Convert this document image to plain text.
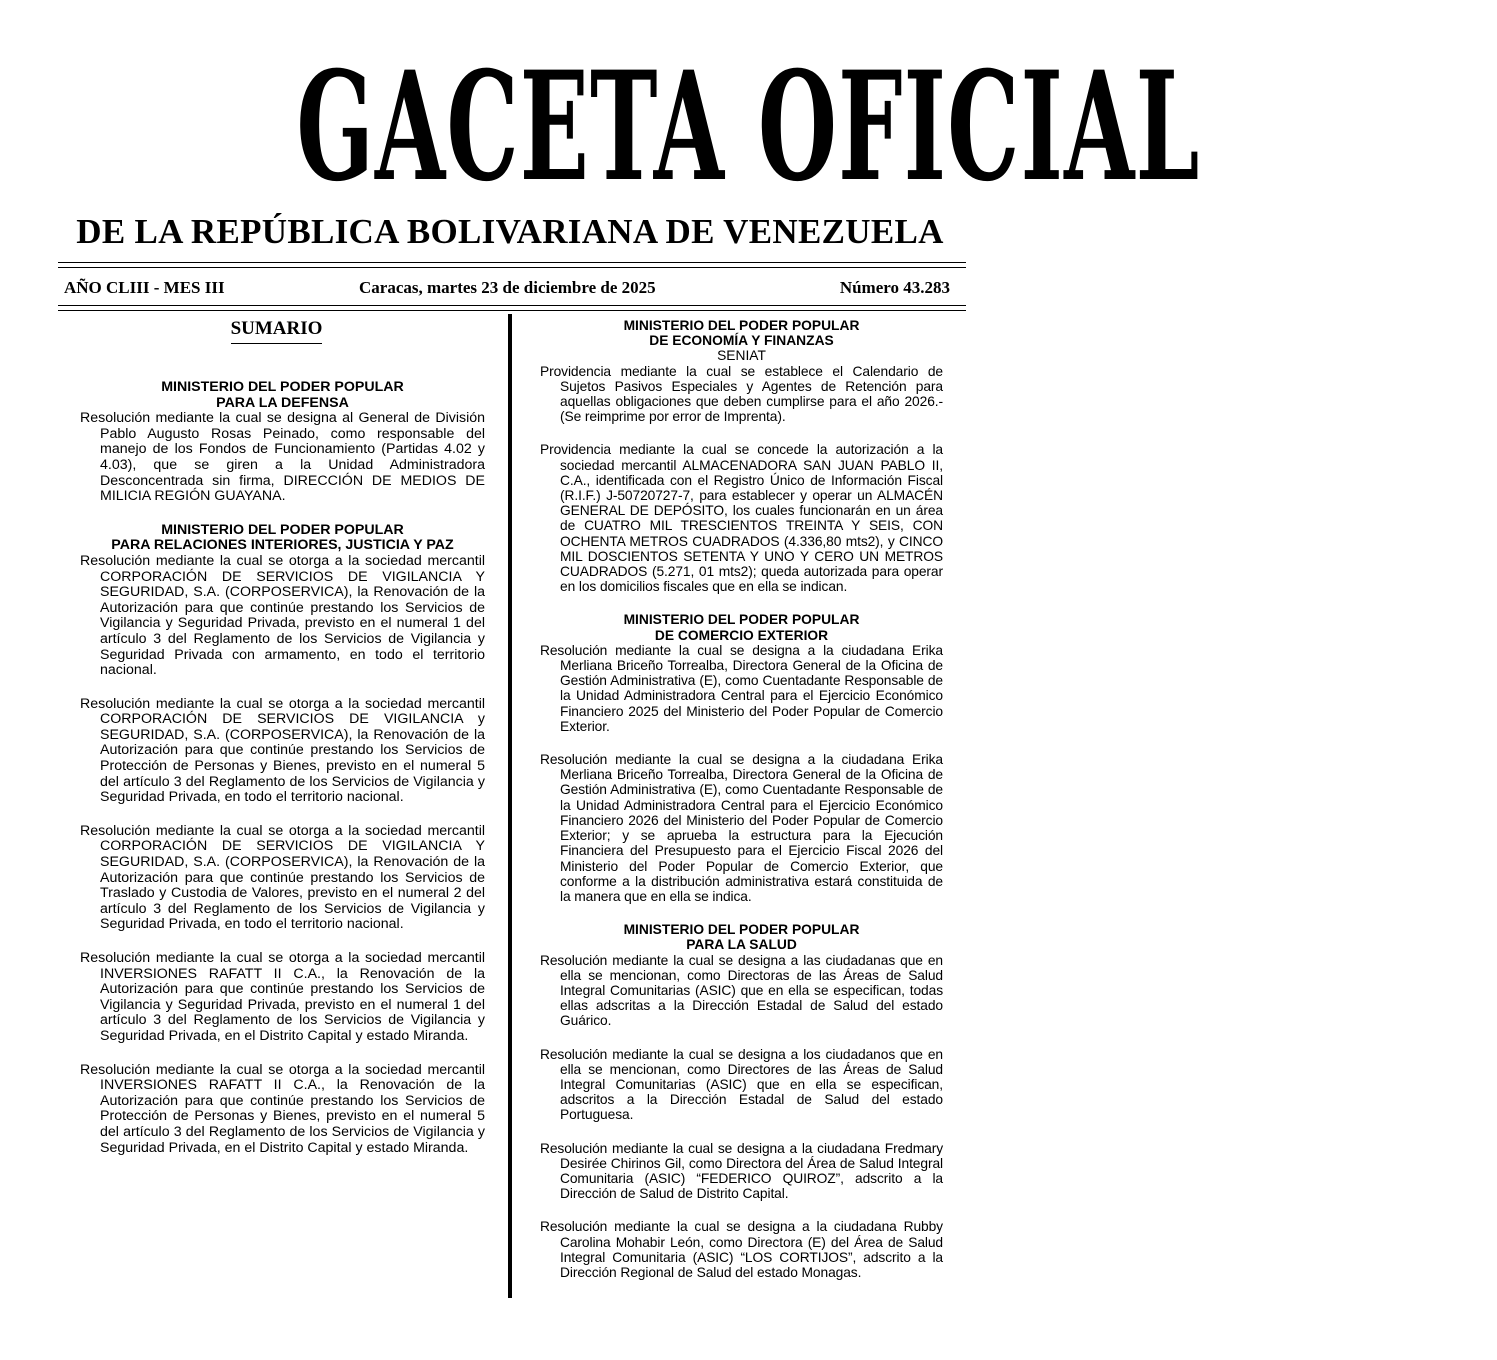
GACETA OFICIAL
DE LA REPÚBLICA BOLIVARIANA DE VENEZUELA
AÑO CLIII - MES III	Caracas, martes 23 de diciembre de 2025	Número 43.283
SUMARIO
MINISTERIO DEL PODER POPULAR
PARA LA DEFENSA
Resolución mediante la cual se designa al General de División Pablo Augusto Rosas Peinado, como responsable del manejo de los Fondos de Funcionamiento (Partidas 4.02 y 4.03), que se giren a la Unidad Administradora Desconcentrada sin firma, DIRECCIÓN DE MEDIOS DE MILICIA REGIÓN GUAYANA.
MINISTERIO DEL PODER POPULAR
PARA RELACIONES INTERIORES, JUSTICIA Y PAZ
Resolución mediante la cual se otorga a la sociedad mercantil CORPORACIÓN DE SERVICIOS DE VIGILANCIA Y SEGURIDAD, S.A. (CORPOSERVICA), la Renovación de la Autorización para que continúe prestando los Servicios de Vigilancia y Seguridad Privada, previsto en el numeral 1 del artículo 3 del Reglamento de los Servicios de Vigilancia y Seguridad Privada con armamento, en todo el territorio nacional.
Resolución mediante la cual se otorga a la sociedad mercantil CORPORACIÓN DE SERVICIOS DE VIGILANCIA y SEGURIDAD, S.A. (CORPOSERVICA), la Renovación de la Autorización para que continúe prestando los Servicios de Protección de Personas y Bienes, previsto en el numeral 5 del artículo 3 del Reglamento de los Servicios de Vigilancia y Seguridad Privada, en todo el territorio nacional.
Resolución mediante la cual se otorga a la sociedad mercantil CORPORACIÓN DE SERVICIOS DE VIGILANCIA Y SEGURIDAD, S.A. (CORPOSERVICA), la Renovación de la Autorización para que continúe prestando los Servicios de Traslado y Custodia de Valores, previsto en el numeral 2 del artículo 3 del Reglamento de los Servicios de Vigilancia y Seguridad Privada, en todo el territorio nacional.
Resolución mediante la cual se otorga a la sociedad mercantil INVERSIONES RAFATT II C.A., la Renovación de la Autorización para que continúe prestando los Servicios de Vigilancia y Seguridad Privada, previsto en el numeral 1 del artículo 3 del Reglamento de los Servicios de Vigilancia y Seguridad Privada, en el Distrito Capital y estado Miranda.
Resolución mediante la cual se otorga a la sociedad mercantil INVERSIONES RAFATT II C.A., la Renovación de la Autorización para que continúe prestando los Servicios de Protección de Personas y Bienes, previsto en el numeral 5 del artículo 3 del Reglamento de los Servicios de Vigilancia y Seguridad Privada, en el Distrito Capital y estado Miranda.
MINISTERIO DEL PODER POPULAR
DE ECONOMÍA Y FINANZAS
SENIAT
Providencia mediante la cual se establece el Calendario de Sujetos Pasivos Especiales y Agentes de Retención para aquellas obligaciones que deben cumplirse para el año 2026.-(Se reimprime por error de Imprenta).
Providencia mediante la cual se concede la autorización a la sociedad mercantil ALMACENADORA SAN JUAN PABLO II, C.A., identificada con el Registro Único de Información Fiscal (R.I.F.) J-50720727-7, para establecer y operar un ALMACÉN GENERAL DE DEPÓSITO, los cuales funcionarán en un área de CUATRO MIL TRESCIENTOS TREINTA Y SEIS, CON OCHENTA METROS CUADRADOS (4.336,80 mts2), y CINCO MIL DOSCIENTOS SETENTA Y UNO Y CERO UN METROS CUADRADOS (5.271, 01 mts2); queda autorizada para operar en los domicilios fiscales que en ella se indican.
MINISTERIO DEL PODER POPULAR
DE COMERCIO EXTERIOR
Resolución mediante la cual se designa a la ciudadana Erika Merliana Briceño Torrealba, Directora General de la Oficina de Gestión Administrativa (E), como Cuentadante Responsable de la Unidad Administradora Central para el Ejercicio Económico Financiero 2025 del Ministerio del Poder Popular de Comercio Exterior.
Resolución mediante la cual se designa a la ciudadana Erika Merliana Briceño Torrealba, Directora General de la Oficina de Gestión Administrativa (E), como Cuentadante Responsable de la Unidad Administradora Central para el Ejercicio Económico Financiero 2026 del Ministerio del Poder Popular de Comercio Exterior; y se aprueba la estructura para la Ejecución Financiera del Presupuesto para el Ejercicio Fiscal 2026 del Ministerio del Poder Popular de Comercio Exterior, que conforme a la distribución administrativa estará constituida de la manera que en ella se indica.
MINISTERIO DEL PODER POPULAR
PARA LA SALUD
Resolución mediante la cual se designa a las ciudadanas que en ella se mencionan, como Directoras de las Áreas de Salud Integral Comunitarias (ASIC) que en ella se especifican, todas ellas adscritas a la Dirección Estadal de Salud del estado Guárico.
Resolución mediante la cual se designa a los ciudadanos que en ella se mencionan, como Directores de las Áreas de Salud Integral Comunitarias (ASIC) que en ella se especifican, adscritos a la Dirección Estadal de Salud del estado Portuguesa.
Resolución mediante la cual se designa a la ciudadana Fredmary Desirée Chirinos Gil, como Directora del Área de Salud Integral Comunitaria (ASIC) “FEDERICO QUIROZ”, adscrito a la Dirección de Salud de Distrito Capital.
Resolución mediante la cual se designa a la ciudadana Rubby Carolina Mohabir León, como Directora (E) del Área de Salud Integral Comunitaria (ASIC) “LOS CORTIJOS”, adscrito a la Dirección Regional de Salud del estado Monagas.
